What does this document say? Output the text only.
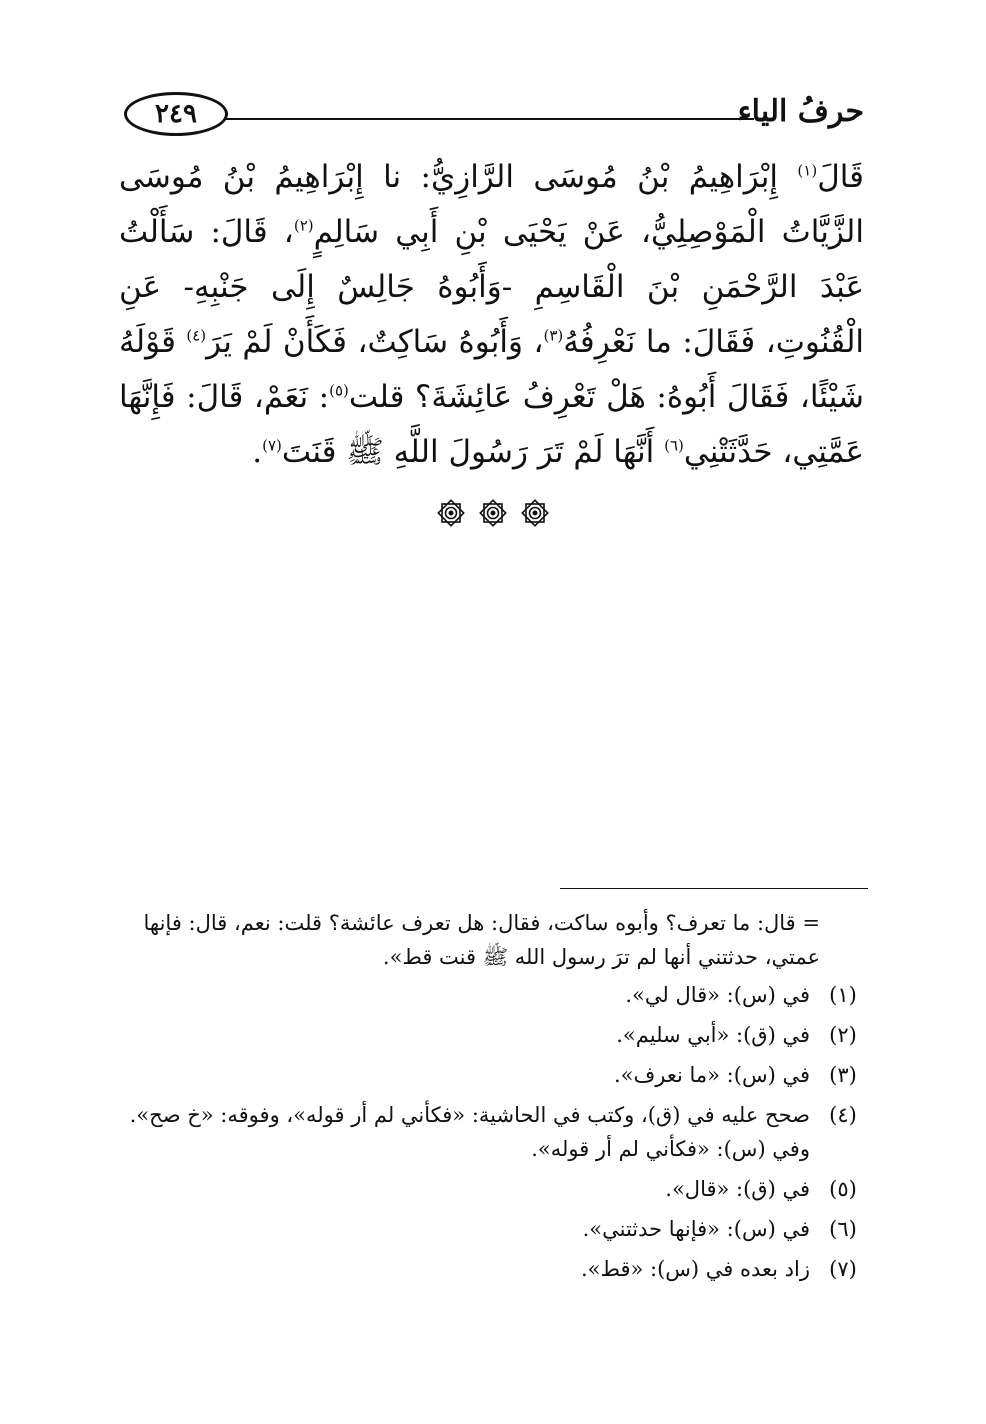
حرفُ الياء
٢٤٩

قَالَ$^{(١)}$ إِبْرَاهِيمُ بْنُ مُوسَى الرَّازِيُّ: نا إِبْرَاهِيمُ بْنُ مُوسَى الزَّيَّاتُ الْمَوْصِلِيُّ، عَنْ يَحْيَى بْنِ أَبِي سَالِمٍ$^{(٢)}$، قَالَ: سَأَلْتُ عَبْدَ الرَّحْمَنِ بْنَ الْقَاسِمِ -وَأَبُوهُ جَالِسٌ إِلَى جَنْبِهِ- عَنِ الْقُنُوتِ، فَقَالَ: ما نَعْرِفُهُ$^{(٣)}$، وَأَبُوهُ سَاكِتٌ، فَكَأَنْ لَمْ يَرَ$^{(٤)}$ قَوْلَهُ شَيْئًا، فَقَالَ أَبُوهُ: هَلْ تَعْرِفُ عَائِشَةَ؟ قلت$^{(٥)}$: نَعَمْ، قَالَ: فَإِنَّهَا عَمَّتِي، حَدَّثَتْنِي$^{(٦)}$ أَنَّهَا لَمْ تَرَ رَسُولَ اللَّهِ ﷺ قَنَتَ$^{(٧)}$.

= قال: ما تعرف؟ وأبوه ساكت، فقال: هل تعرف عائشة؟ قلت: نعم، قال: فإنها عمتي، حدثتني أنها لم ترَ رسول الله ﷺ قنت قط».

(١)
في (س): «قال لي».
(٢)
في (ق): «أبي سليم».
(٣)
في (س): «ما نعرف».
(٤)
صحح عليه في (ق)، وكتب في الحاشية: «فكأني لم أر قوله»، وفوقه: «خ صح». وفي (س): «فكأني لم أر قوله».
(٥)
في (ق): «قال».
(٦)
في (س): «فإنها حدثتني».
(٧)
زاد بعده في (س): «قط».
